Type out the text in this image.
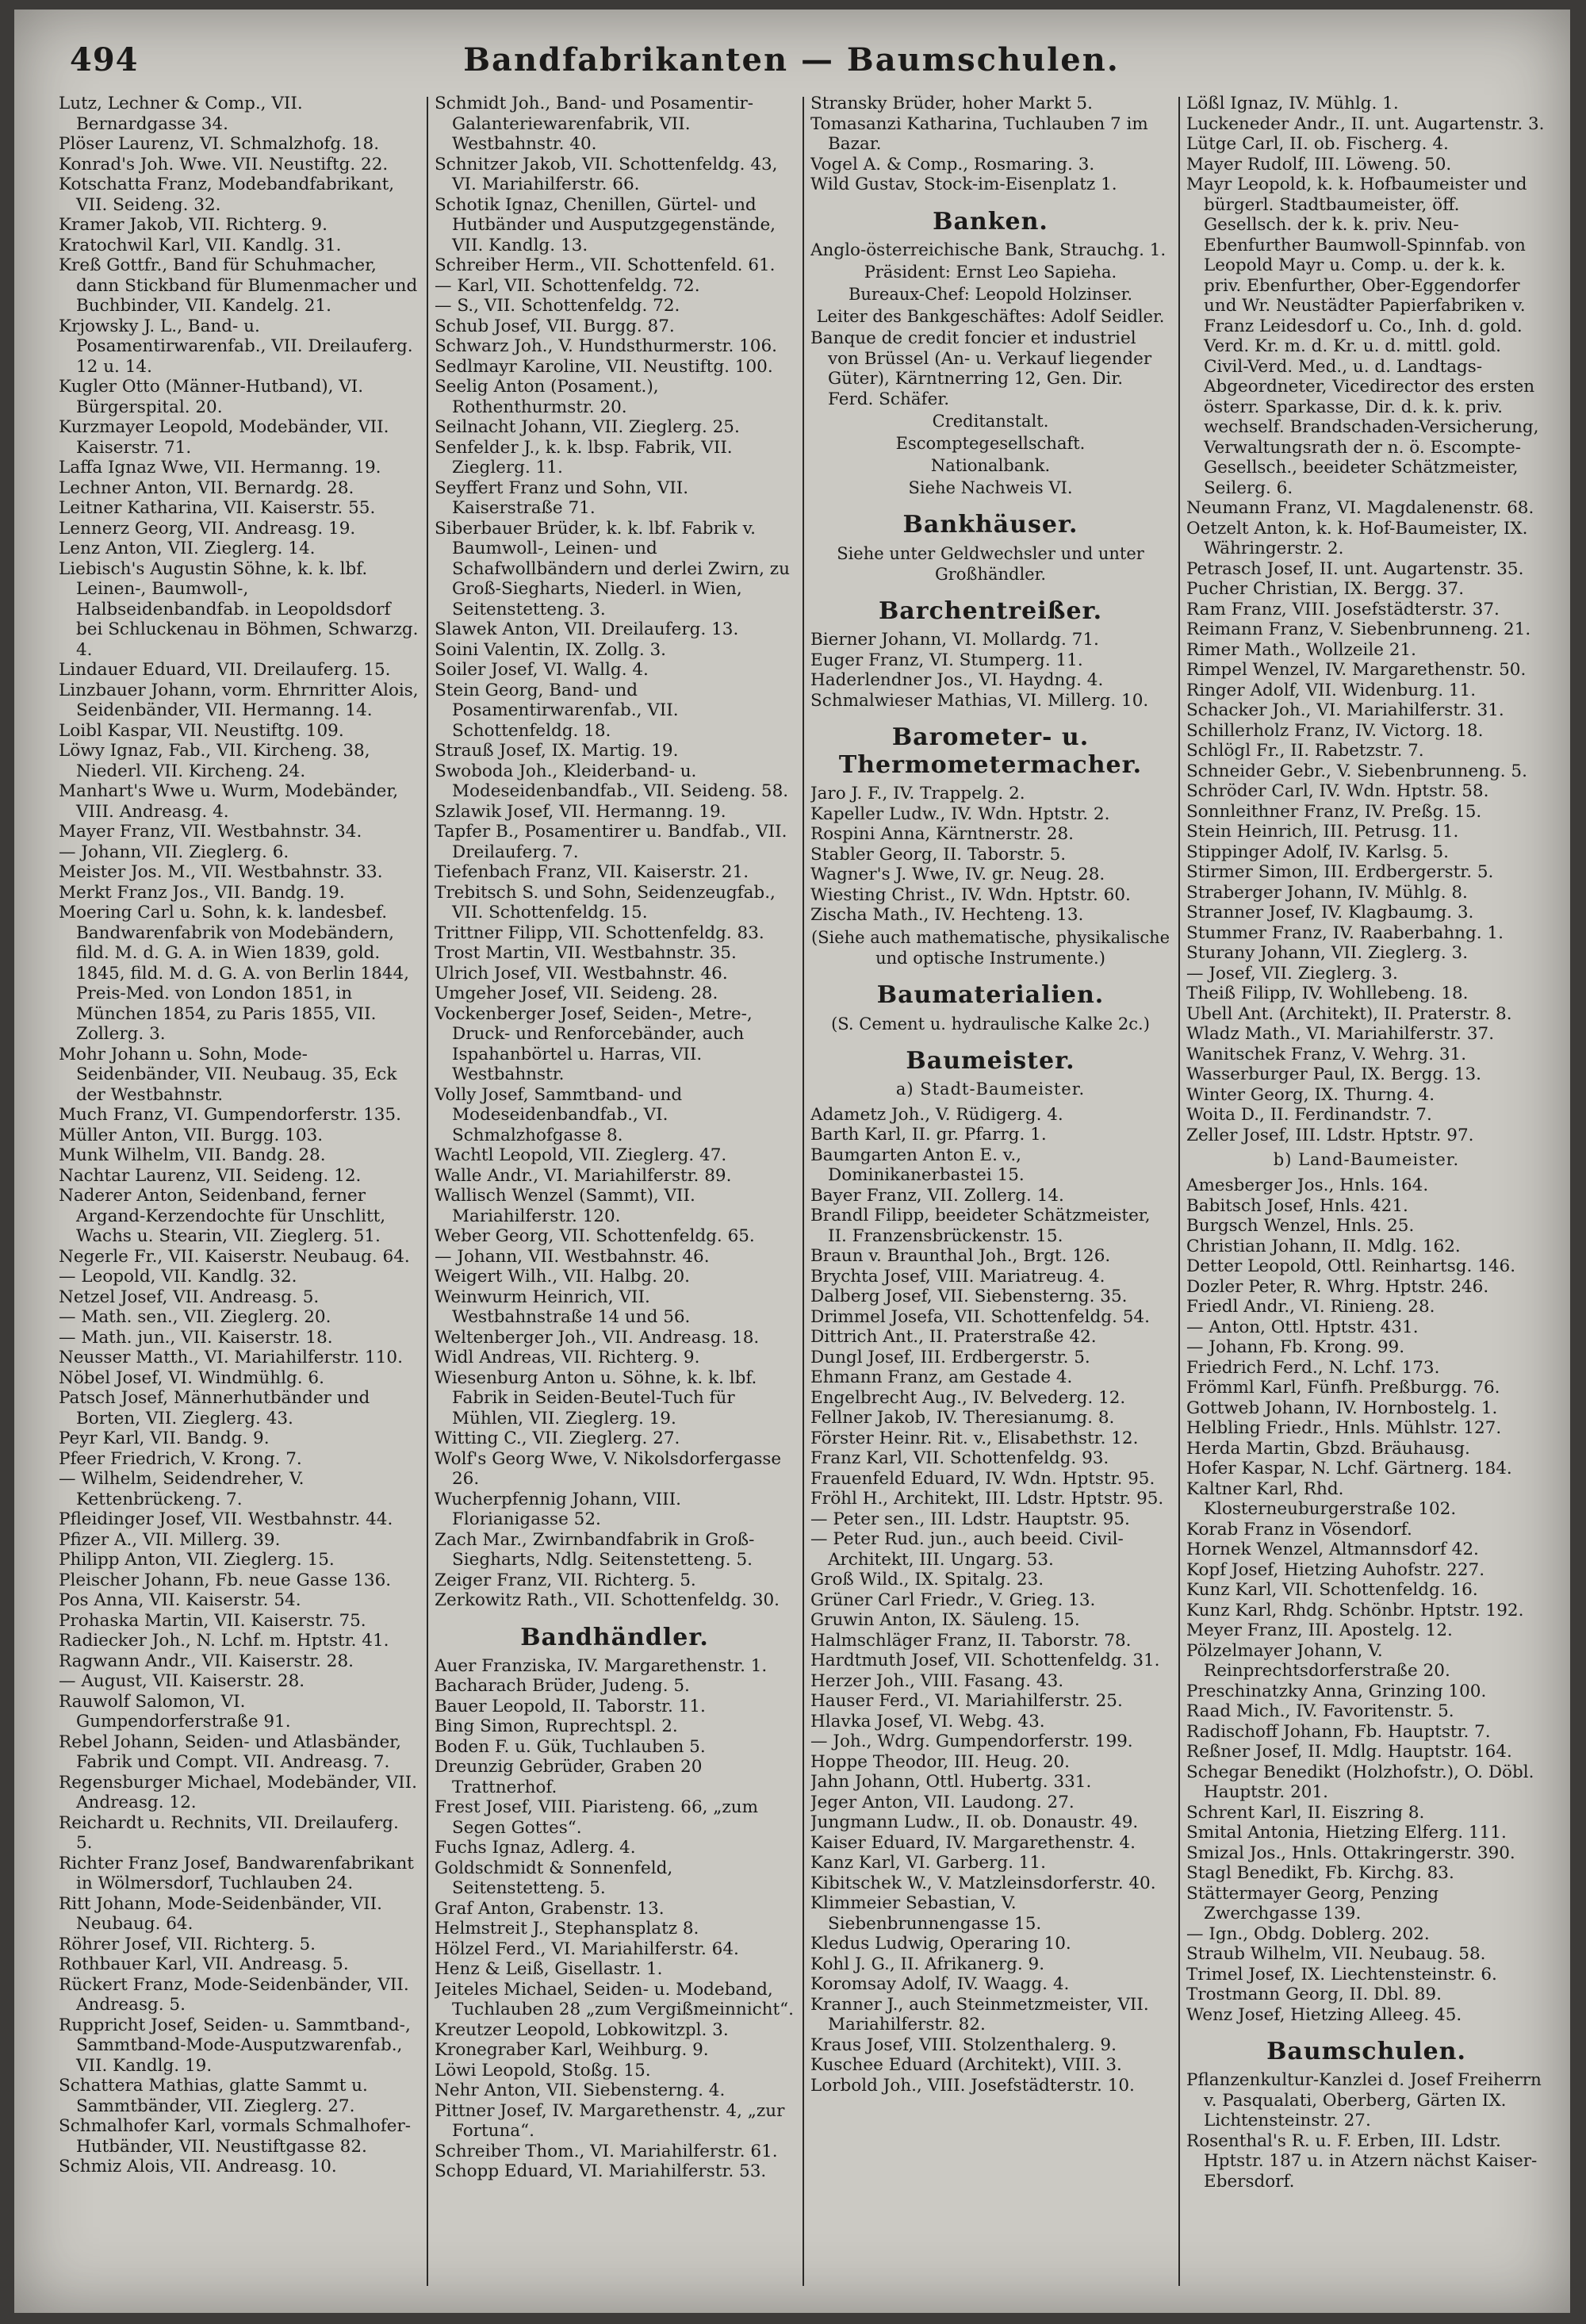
494	Bandfabrikanten — Baumschulen.
Lutz, Lechner & Comp., VII. Bernardgasse 34.
Plöser Laurenz, VI. Schmalzhofg. 18.
Konrad's Joh. Wwe. VII. Neustiftg. 22.
Kotschatta Franz, Modebandfabrikant, VII. Seideng. 32.
Kramer Jakob, VII. Richterg. 9.
Kratochwil Karl, VII. Kandlg. 31.
Kreß Gottfr., Band für Schuhmacher, dann Stickband für Blumenmacher und Buchbinder, VII. Kandelg. 21.
Krjowsky J. L., Band- u. Posamentirwarenfab., VII. Dreilauferg. 12 u. 14.
Kugler Otto (Männer-Hutband), VI. Bürgerspital. 20.
Kurzmayer Leopold, Modebänder, VII. Kaiserstr. 71.
Laffa Ignaz Wwe, VII. Hermanng. 19.
Lechner Anton, VII. Bernardg. 28.
Leitner Katharina, VII. Kaiserstr. 55.
Lennerz Georg, VII. Andreasg. 19.
Lenz Anton, VII. Zieglerg. 14.
Liebisch's Augustin Söhne, k. k. lbf. Leinen-, Baumwoll-, Halbseidenbandfab. in Leopoldsdorf bei Schluckenau in Böhmen, Schwarzg. 4.
Lindauer Eduard, VII. Dreilauferg. 15.
Linzbauer Johann, vorm. Ehrnritter Alois, Seidenbänder, VII. Hermanng. 14.
Loibl Kaspar, VII. Neustiftg. 109.
Löwy Ignaz, Fab., VII. Kircheng. 38, Niederl. VII. Kircheng. 24.
Manhart's Wwe u. Wurm, Modebänder, VIII. Andreasg. 4.
Mayer Franz, VII. Westbahnstr. 34.
— Johann, VII. Zieglerg. 6.
Meister Jos. M., VII. Westbahnstr. 33.
Merkt Franz Jos., VII. Bandg. 19.
Moering Carl u. Sohn, k. k. landesbef. Bandwarenfabrik von Modebändern, fild. M. d. G. A. in Wien 1839, gold. 1845, fild. M. d. G. A. von Berlin 1844, Preis-Med. von London 1851, in München 1854, zu Paris 1855, VII. Zollerg. 3.
Mohr Johann u. Sohn, Mode-Seidenbänder, VII. Neubaug. 35, Eck der Westbahnstr.
Much Franz, VI. Gumpendorferstr. 135.
Müller Anton, VII. Burgg. 103.
Munk Wilhelm, VII. Bandg. 28.
Nachtar Laurenz, VII. Seideng. 12.
Naderer Anton, Seidenband, ferner Argand-Kerzendochte für Unschlitt, Wachs u. Stearin, VII. Zieglerg. 51.
Negerle Fr., VII. Kaiserstr. Neubaug. 64.
— Leopold, VII. Kandlg. 32.
Netzel Josef, VII. Andreasg. 5.
— Math. sen., VII. Zieglerg. 20.
— Math. jun., VII. Kaiserstr. 18.
Neusser Matth., VI. Mariahilferstr. 110.
Nöbel Josef, VI. Windmühlg. 6.
Patsch Josef, Männerhutbänder und Borten, VII. Zieglerg. 43.
Peyr Karl, VII. Bandg. 9.
Pfeer Friedrich, V. Krong. 7.
— Wilhelm, Seidendreher, V. Kettenbrückeng. 7.
Pfleidinger Josef, VII. Westbahnstr. 44.
Pfizer A., VII. Millerg. 39.
Philipp Anton, VII. Zieglerg. 15.
Pleischer Johann, Fb. neue Gasse 136.
Pos Anna, VII. Kaiserstr. 54.
Prohaska Martin, VII. Kaiserstr. 75.
Radiecker Joh., N. Lchf. m. Hptstr. 41.
Ragwann Andr., VII. Kaiserstr. 28.
— August, VII. Kaiserstr. 28.
Rauwolf Salomon, VI. Gumpendorferstraße 91.
Rebel Johann, Seiden- und Atlasbänder, Fabrik und Compt. VII. Andreasg. 7.
Regensburger Michael, Modebänder, VII. Andreasg. 12.
Reichardt u. Rechnits, VII. Dreilauferg. 5.
Richter Franz Josef, Bandwarenfabrikant in Wölmersdorf, Tuchlauben 24.
Ritt Johann, Mode-Seidenbänder, VII. Neubaug. 64.
Röhrer Josef, VII. Richterg. 5.
Rothbauer Karl, VII. Andreasg. 5.
Rückert Franz, Mode-Seidenbänder, VII. Andreasg. 5.
Ruppricht Josef, Seiden- u. Sammtband-, Sammtband-Mode-Ausputzwarenfab., VII. Kandlg. 19.
Schattera Mathias, glatte Sammt u. Sammtbänder, VII. Zieglerg. 27.
Schmalhofer Karl, vormals Schmalhofer-Hutbänder, VII. Neustiftgasse 82.
Schmiz Alois, VII. Andreasg. 10.
Schmidt Joh., Band- und Posamentir-Galanteriewarenfabrik, VII. Westbahnstr. 40.
Schnitzer Jakob, VII. Schottenfeldg. 43, VI. Mariahilferstr. 66.
Schotik Ignaz, Chenillen, Gürtel- und Hutbänder und Ausputzgegenstände, VII. Kandlg. 13.
Schreiber Herm., VII. Schottenfeld. 61.
— Karl, VII. Schottenfeldg. 72.
— S., VII. Schottenfeldg. 72.
Schub Josef, VII. Burgg. 87.
Schwarz Joh., V. Hundsthurmerstr. 106.
Sedlmayr Karoline, VII. Neustiftg. 100.
Seelig Anton (Posament.), Rothenthurmstr. 20.
Seilnacht Johann, VII. Zieglerg. 25.
Senfelder J., k. k. lbsp. Fabrik, VII. Zieglerg. 11.
Seyffert Franz und Sohn, VII. Kaiserstraße 71.
Siberbauer Brüder, k. k. lbf. Fabrik v. Baumwoll-, Leinen- und Schafwollbändern und derlei Zwirn, zu Groß-Siegharts, Niederl. in Wien, Seitenstetteng. 3.
Slawek Anton, VII. Dreilauferg. 13.
Soini Valentin, IX. Zollg. 3.
Soiler Josef, VI. Wallg. 4.
Stein Georg, Band- und Posamentirwarenfab., VII. Schottenfeldg. 18.
Strauß Josef, IX. Martig. 19.
Swoboda Joh., Kleiderband- u. Modeseidenbandfab., VII. Seideng. 58.
Szlawik Josef, VII. Hermanng. 19.
Tapfer B., Posamentirer u. Bandfab., VII. Dreilauferg. 7.
Tiefenbach Franz, VII. Kaiserstr. 21.
Trebitsch S. und Sohn, Seidenzeugfab., VII. Schottenfeldg. 15.
Trittner Filipp, VII. Schottenfeldg. 83.
Trost Martin, VII. Westbahnstr. 35.
Ulrich Josef, VII. Westbahnstr. 46.
Umgeher Josef, VII. Seideng. 28.
Vockenberger Josef, Seiden-, Metre-, Druck- und Renforcebänder, auch Ispahanbörtel u. Harras, VII. Westbahnstr.
Volly Josef, Sammtband- und Modeseidenbandfab., VI. Schmalzhofgasse 8.
Wachtl Leopold, VII. Zieglerg. 47.
Walle Andr., VI. Mariahilferstr. 89.
Wallisch Wenzel (Sammt), VII. Mariahilferstr. 120.
Weber Georg, VII. Schottenfeldg. 65.
— Johann, VII. Westbahnstr. 46.
Weigert Wilh., VII. Halbg. 20.
Weinwurm Heinrich, VII. Westbahnstraße 14 und 56.
Weltenberger Joh., VII. Andreasg. 18.
Widl Andreas, VII. Richterg. 9.
Wiesenburg Anton u. Söhne, k. k. lbf. Fabrik in Seiden-Beutel-Tuch für Mühlen, VII. Zieglerg. 19.
Witting C., VII. Zieglerg. 27.
Wolf's Georg Wwe, V. Nikolsdorfergasse 26.
Wucherpfennig Johann, VIII. Florianigasse 52.
Zach Mar., Zwirnbandfabrik in Groß-Siegharts, Ndlg. Seitenstetteng. 5.
Zeiger Franz, VII. Richterg. 5.
Zerkowitz Rath., VII. Schottenfeldg. 30.
Bandhändler.
Auer Franziska, IV. Margarethenstr. 1.
Bacharach Brüder, Judeng. 5.
Bauer Leopold, II. Taborstr. 11.
Bing Simon, Ruprechtspl. 2.
Boden F. u. Gük, Tuchlauben 5.
Dreunzig Gebrüder, Graben 20 Trattnerhof.
Frest Josef, VIII. Piaristeng. 66, „zum Segen Gottes“.
Fuchs Ignaz, Adlerg. 4.
Goldschmidt & Sonnenfeld, Seitenstetteng. 5.
Graf Anton, Grabenstr. 13.
Helmstreit J., Stephansplatz 8.
Hölzel Ferd., VI. Mariahilferstr. 64.
Henz & Leiß, Gisellastr. 1.
Jeiteles Michael, Seiden- u. Modeband, Tuchlauben 28 „zum Vergißmeinnicht“.
Kreutzer Leopold, Lobkowitzpl. 3.
Kronegraber Karl, Weihburg. 9.
Löwi Leopold, Stoßg. 15.
Nehr Anton, VII. Siebensterng. 4.
Pittner Josef, IV. Margarethenstr. 4, „zur Fortuna“.
Schreiber Thom., VI. Mariahilferstr. 61.
Schopp Eduard, VI. Mariahilferstr. 53.
Stransky Brüder, hoher Markt 5.
Tomasanzi Katharina, Tuchlauben 7 im Bazar.
Vogel A. & Comp., Rosmaring. 3.
Wild Gustav, Stock-im-Eisenplatz 1.
Banken.
Anglo-österreichische Bank, Strauchg. 1.
Präsident: Ernst Leo Sapieha.
Bureaux-Chef: Leopold Holzinser.
Leiter des Bankgeschäftes: Adolf Seidler.
Banque de credit foncier et industriel von Brüssel (An- u. Verkauf liegender Güter), Kärntnerring 12, Gen. Dir. Ferd. Schäfer.
Creditanstalt.
Escomptegesellschaft.
Nationalbank.
Siehe Nachweis VI.
Bankhäuser.
Siehe unter Geldwechsler und unter Großhändler.
Barchentreißer.
Bierner Johann, VI. Mollardg. 71.
Euger Franz, VI. Stumperg. 11.
Haderlendner Jos., VI. Haydng. 4.
Schmalwieser Mathias, VI. Millerg. 10.
Barometer- u. Thermometermacher.
Jaro J. F., IV. Trappelg. 2.
Kapeller Ludw., IV. Wdn. Hptstr. 2.
Rospini Anna, Kärntnerstr. 28.
Stabler Georg, II. Taborstr. 5.
Wagner's J. Wwe, IV. gr. Neug. 28.
Wiesting Christ., IV. Wdn. Hptstr. 60.
Zischa Math., IV. Hechteng. 13.
(Siehe auch mathematische, physikalische und optische Instrumente.)
Baumaterialien.
(S. Cement u. hydraulische Kalke 2c.)
Baumeister.
a) Stadt-Baumeister.
Adametz Joh., V. Rüdigerg. 4.
Barth Karl, II. gr. Pfarrg. 1.
Baumgarten Anton E. v., Dominikanerbastei 15.
Bayer Franz, VII. Zollerg. 14.
Brandl Filipp, beeideter Schätzmeister, II. Franzensbrückenstr. 15.
Braun v. Braunthal Joh., Brgt. 126.
Brychta Josef, VIII. Mariatreug. 4.
Dalberg Josef, VII. Siebensterng. 35.
Drimmel Josefa, VII. Schottenfeldg. 54.
Dittrich Ant., II. Praterstraße 42.
Dungl Josef, III. Erdbergerstr. 5.
Ehmann Franz, am Gestade 4.
Engelbrecht Aug., IV. Belvederg. 12.
Fellner Jakob, IV. Theresianumg. 8.
Förster Heinr. Rit. v., Elisabethstr. 12.
Franz Karl, VII. Schottenfeldg. 93.
Frauenfeld Eduard, IV. Wdn. Hptstr. 95.
Fröhl H., Architekt, III. Ldstr. Hptstr. 95.
— Peter sen., III. Ldstr. Hauptstr. 95.
— Peter Rud. jun., auch beeid. Civil-Architekt, III. Ungarg. 53.
Groß Wild., IX. Spitalg. 23.
Grüner Carl Friedr., V. Grieg. 13.
Gruwin Anton, IX. Säuleng. 15.
Halmschläger Franz, II. Taborstr. 78.
Hardtmuth Josef, VII. Schottenfeldg. 31.
Herzer Joh., VIII. Fasang. 43.
Hauser Ferd., VI. Mariahilferstr. 25.
Hlavka Josef, VI. Webg. 43.
— Joh., Wdrg. Gumpendorferstr. 199.
Hoppe Theodor, III. Heug. 20.
Jahn Johann, Ottl. Hubertg. 331.
Jeger Anton, VII. Laudong. 27.
Jungmann Ludw., II. ob. Donaustr. 49.
Kaiser Eduard, IV. Margarethenstr. 4.
Kanz Karl, VI. Garberg. 11.
Kibitschek W., V. Matzleinsdorferstr. 40.
Klimmeier Sebastian, V. Siebenbrunnengasse 15.
Kledus Ludwig, Operaring 10.
Kohl J. G., II. Afrikanerg. 9.
Koromsay Adolf, IV. Waagg. 4.
Kranner J., auch Steinmetzmeister, VII. Mariahilferstr. 82.
Kraus Josef, VIII. Stolzenthalerg. 9.
Kuschee Eduard (Architekt), VIII. 3.
Lorbold Joh., VIII. Josefstädterstr. 10.
Lößl Ignaz, IV. Mühlg. 1.
Luckeneder Andr., II. unt. Augartenstr. 3.
Lütge Carl, II. ob. Fischerg. 4.
Mayer Rudolf, III. Löweng. 50.
Mayr Leopold, k. k. Hofbaumeister und bürgerl. Stadtbaumeister, öff. Gesellsch. der k. k. priv. Neu-Ebenfurther Baumwoll-Spinnfab. von Leopold Mayr u. Comp. u. der k. k. priv. Ebenfurther, Ober-Eggendorfer und Wr. Neustädter Papierfabriken v. Franz Leidesdorf u. Co., Inh. d. gold. Verd. Kr. m. d. Kr. u. d. mittl. gold. Civil-Verd. Med., u. d. Landtags-Abgeordneter, Vicedirector des ersten österr. Sparkasse, Dir. d. k. k. priv. wechself. Brandschaden-Versicherung, Verwaltungsrath der n. ö. Escompte-Gesellsch., beeideter Schätzmeister, Seilerg. 6.
Neumann Franz, VI. Magdalenenstr. 68.
Oetzelt Anton, k. k. Hof-Baumeister, IX. Währingerstr. 2.
Petrasch Josef, II. unt. Augartenstr. 35.
Pucher Christian, IX. Bergg. 37.
Ram Franz, VIII. Josefstädterstr. 37.
Reimann Franz, V. Siebenbrunneng. 21.
Rimer Math., Wollzeile 21.
Rimpel Wenzel, IV. Margarethenstr. 50.
Ringer Adolf, VII. Widenburg. 11.
Schacker Joh., VI. Mariahilferstr. 31.
Schillerholz Franz, IV. Victorg. 18.
Schlögl Fr., II. Rabetzstr. 7.
Schneider Gebr., V. Siebenbrunneng. 5.
Schröder Carl, IV. Wdn. Hptstr. 58.
Sonnleithner Franz, IV. Preßg. 15.
Stein Heinrich, III. Petrusg. 11.
Stippinger Adolf, IV. Karlsg. 5.
Stirmer Simon, III. Erdbergerstr. 5.
Straberger Johann, IV. Mühlg. 8.
Stranner Josef, IV. Klagbaumg. 3.
Stummer Franz, IV. Raaberbahng. 1.
Sturany Johann, VII. Zieglerg. 3.
— Josef, VII. Zieglerg. 3.
Theiß Filipp, IV. Wohllebeng. 18.
Ubell Ant. (Architekt), II. Praterstr. 8.
Wladz Math., VI. Mariahilferstr. 37.
Wanitschek Franz, V. Wehrg. 31.
Wasserburger Paul, IX. Bergg. 13.
Winter Georg, IX. Thurng. 4.
Woita D., II. Ferdinandstr. 7.
Zeller Josef, III. Ldstr. Hptstr. 97.
b) Land-Baumeister.
Amesberger Jos., Hnls. 164.
Babitsch Josef, Hnls. 421.
Burgsch Wenzel, Hnls. 25.
Christian Johann, II. Mdlg. 162.
Detter Leopold, Ottl. Reinhartsg. 146.
Dozler Peter, R. Whrg. Hptstr. 246.
Friedl Andr., VI. Rinieng. 28.
— Anton, Ottl. Hptstr. 431.
— Johann, Fb. Krong. 99.
Friedrich Ferd., N. Lchf. 173.
Frömml Karl, Fünfh. Preßburgg. 76.
Gottweb Johann, IV. Hornbostelg. 1.
Helbling Friedr., Hnls. Mühlstr. 127.
Herda Martin, Gbzd. Bräuhausg.
Hofer Kaspar, N. Lchf. Gärtnerg. 184.
Kaltner Karl, Rhd. Klosterneuburgerstraße 102.
Korab Franz in Vösendorf.
Hornek Wenzel, Altmannsdorf 42.
Kopf Josef, Hietzing Auhofstr. 227.
Kunz Karl, VII. Schottenfeldg. 16.
Kunz Karl, Rhdg. Schönbr. Hptstr. 192.
Meyer Franz, III. Apostelg. 12.
Pölzelmayer Johann, V. Reinprechtsdorferstraße 20.
Preschinatzky Anna, Grinzing 100.
Raad Mich., IV. Favoritenstr. 5.
Radischoff Johann, Fb. Hauptstr. 7.
Reßner Josef, II. Mdlg. Hauptstr. 164.
Schegar Benedikt (Holzhofstr.), O. Döbl. Hauptstr. 201.
Schrent Karl, II. Eiszring 8.
Smital Antonia, Hietzing Elferg. 111.
Smizal Jos., Hnls. Ottakringerstr. 390.
Stagl Benedikt, Fb. Kirchg. 83.
Stättermayer Georg, Penzing Zwerchgasse 139.
— Ign., Obdg. Doblerg. 202.
Straub Wilhelm, VII. Neubaug. 58.
Trimel Josef, IX. Liechtensteinstr. 6.
Trostmann Georg, II. Dbl. 89.
Wenz Josef, Hietzing Alleeg. 45.
Baumschulen.
Pflanzenkultur-Kanzlei d. Josef Freiherrn v. Pasqualati, Oberberg, Gärten IX. Lichtensteinstr. 27.
Rosenthal's R. u. F. Erben, III. Ldstr. Hptstr. 187 u. in Atzern nächst Kaiser-Ebersdorf.
